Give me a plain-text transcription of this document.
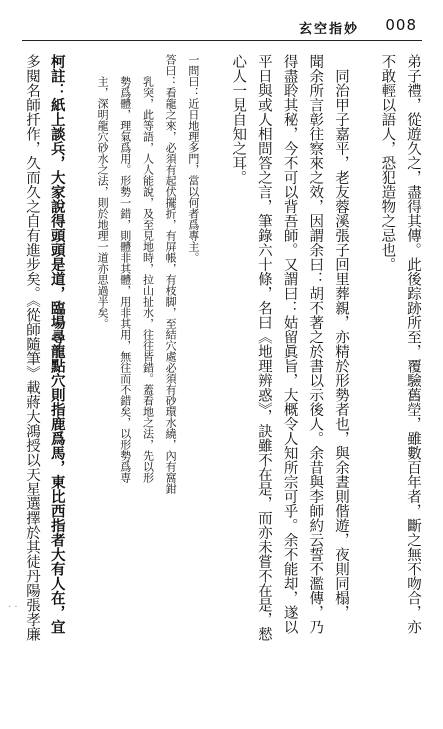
玄空指妙 008
弟子禮，從遊久之，盡得其傳。此後踪跡所至，覆驗舊塋，雖數百年者，斷之無不吻合，亦
不敢輕以語人，恐犯造物之忌也。
　同治甲子嘉平，老友蓉溪張子回里葬親，亦精於形勢者也，與余晝則偕遊，夜則同榻，
聞余所言彰往察來之效，因謂余曰：胡不著之於書以示後人。余昔與李師約云誓不濫傳，乃
得盡聆其秘，今不可以背吾師。又謂曰：姑留眞旨，大概令人知所宗可乎。余不能却，遂以
平日與或人相問答之言，筆錄六十條，名曰《地理辨惑》，訣雖不在是，而亦未嘗不在是，憖
心人一見自知之耳。
一問曰：近日地理多門，當以何者爲專主。
答曰：看龍之來，必須有起伏擺折，有屏帳，有枝脚，至結穴處必須有砂環水繞，內有窩鉗
　　乳突，此等語，人人能說，及至見地時，拉山扯水，往往皆錯。蓋看地之法，先以形
　　勢爲體，理氣爲用。形勢一錯，則體非其體，用非其用，無往而不錯矣，以形勢爲専
　　主，深明龍穴砂水之法，則於地理一道亦思過半矣。
柯註：紙上談兵，大家說得頭頭是道，臨場尋龍點穴則指鹿爲馬，東比西指者大有人在，宜
多閱名師扦作，久而久之自有進步矣。《從師隨筆》載蔣大鴻授以天星選擇於其徒丹陽張孝廉
· ·
